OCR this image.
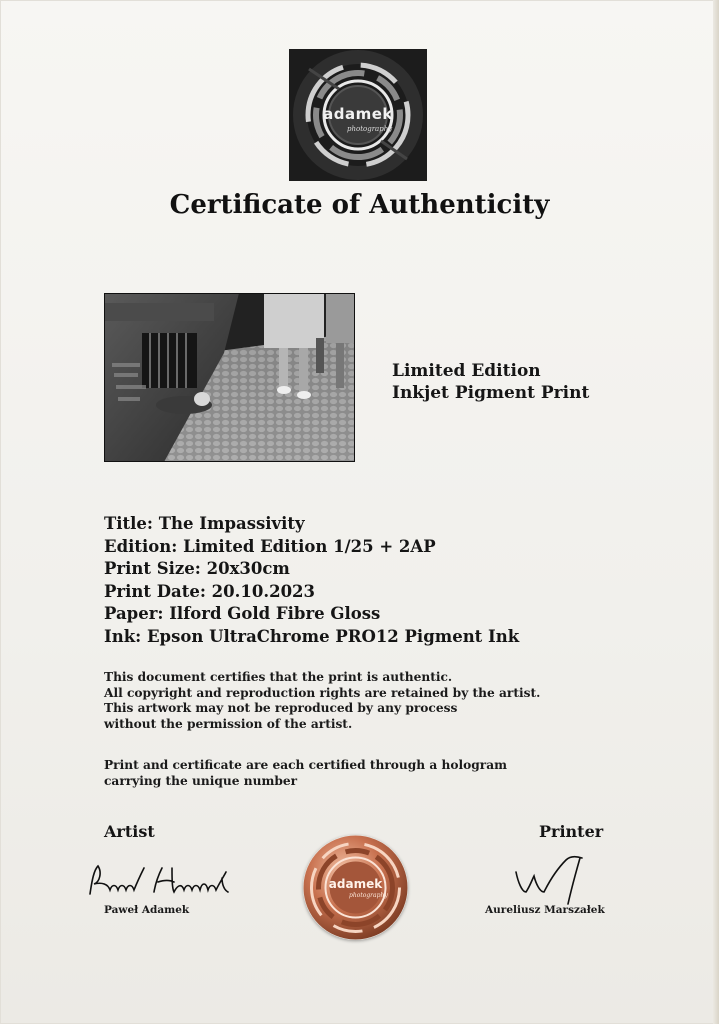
adamek
photography
Certificate of Authenticity
Limited Edition
Inkjet Pigment Print
Title: The Impassivity
Edition: Limited Edition 1/25 + 2AP
Print Size: 20x30cm
Print Date: 20.10.2023
Paper: Ilford Gold Fibre Gloss
Ink: Epson UltraChrome PRO12 Pigment Ink
This document certifies that the print is authentic.
All copyright and reproduction rights are retained by the artist.
This artwork may not be reproduced by any process
without the permission of the artist.
Print and certificate are each certified through a hologram
carrying the unique number
Artist	Printer
Paweł Adamek	Aureliusz Marszałek
adamek
photography
